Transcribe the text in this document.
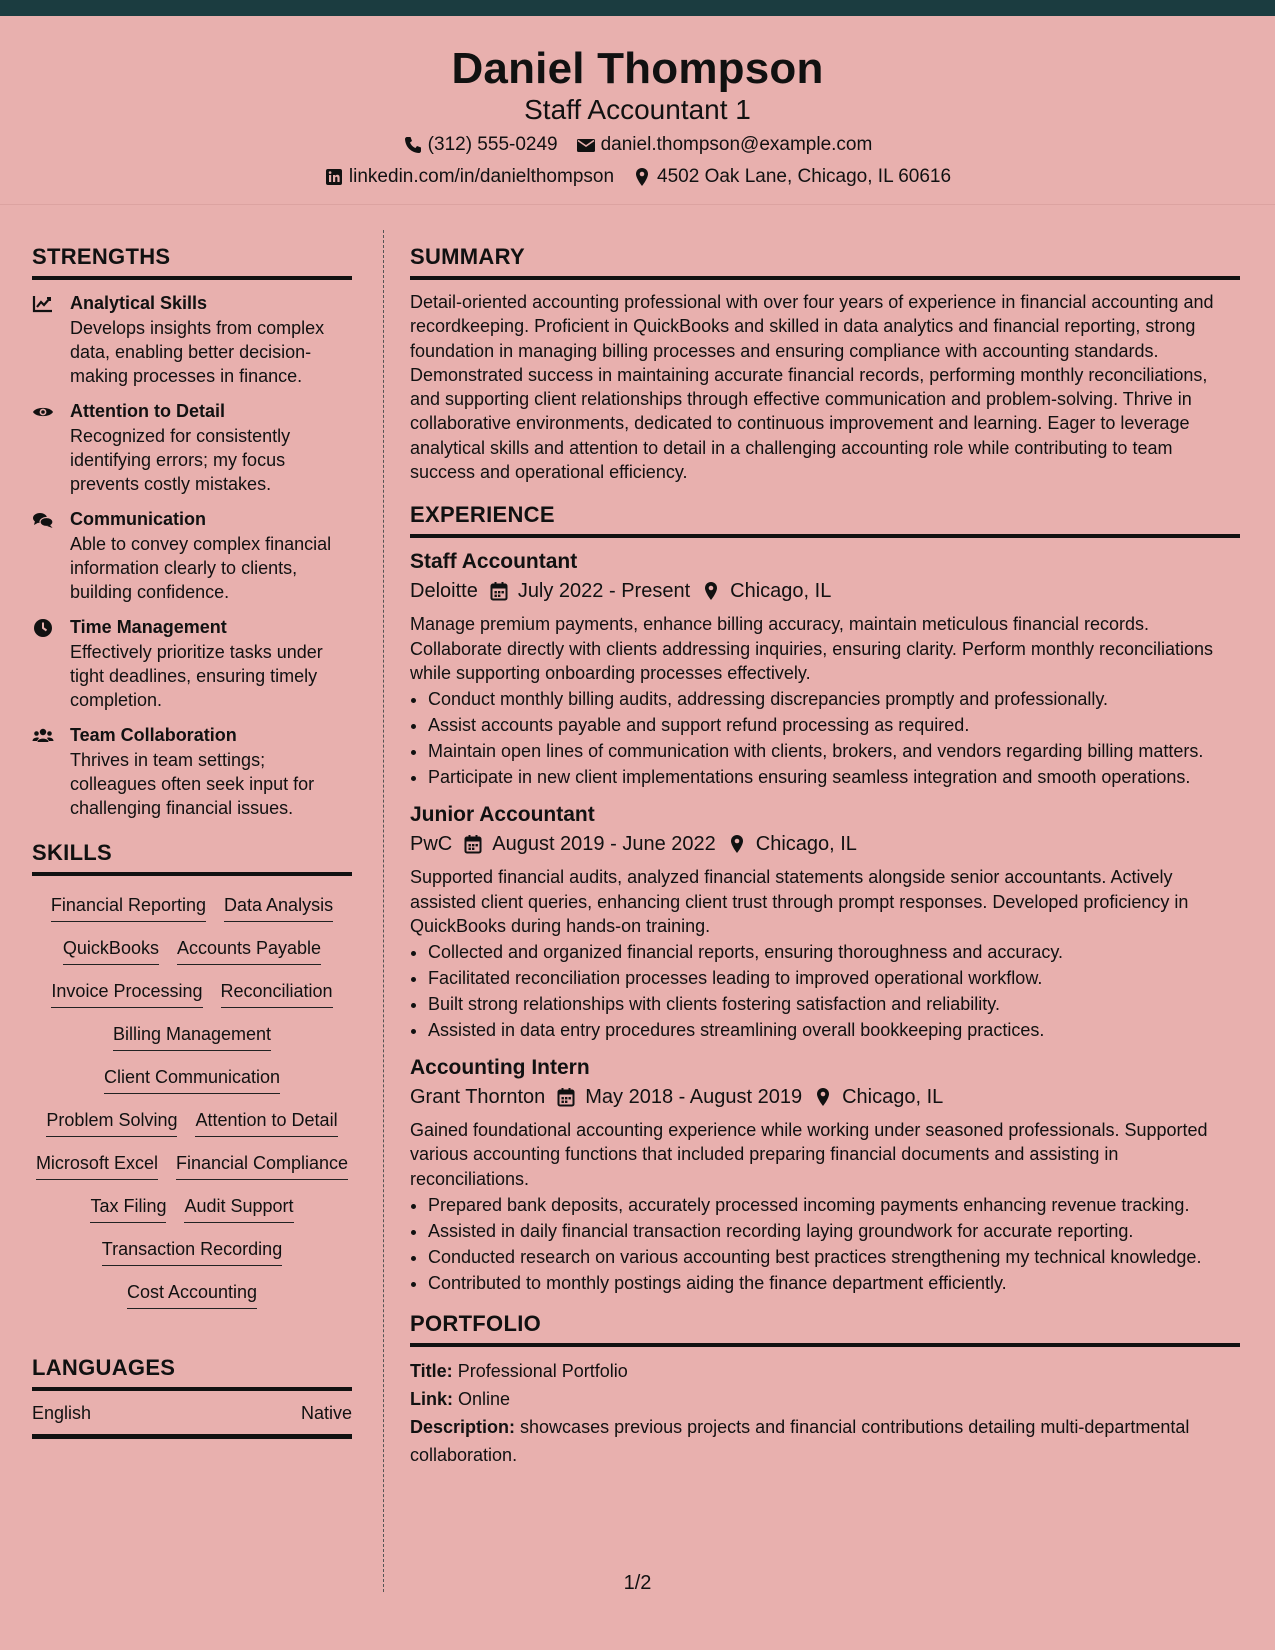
Daniel Thompson
Staff Accountant 1
(312) 555-0249 daniel.thompson@example.com
linkedin.com/in/danielthompson 4502 Oak Lane, Chicago, IL 60616
STRENGTHS
Analytical Skills
Develops insights from complex data, enabling better decision-making processes in finance.
Attention to Detail
Recognized for consistently identifying errors; my focus prevents costly mistakes.
Communication
Able to convey complex financial information clearly to clients, building confidence.
Time Management
Effectively prioritize tasks under tight deadlines, ensuring timely completion.
Team Collaboration
Thrives in team settings; colleagues often seek input for challenging financial issues.
SKILLS
Financial Reporting Data Analysis
QuickBooks Accounts Payable
Invoice Processing Reconciliation
Billing Management
Client Communication
Problem Solving Attention to Detail
Microsoft Excel Financial Compliance
Tax Filing Audit Support
Transaction Recording
Cost Accounting
LANGUAGES
English	Native
SUMMARY
Detail-oriented accounting professional with over four years of experience in financial accounting and recordkeeping. Proficient in QuickBooks and skilled in data analytics and financial reporting, strong foundation in managing billing processes and ensuring compliance with accounting standards. Demonstrated success in maintaining accurate financial records, performing monthly reconciliations, and supporting client relationships through effective communication and problem-solving. Thrive in collaborative environments, dedicated to continuous improvement and learning. Eager to leverage analytical skills and attention to detail in a challenging accounting role while contributing to team success and operational efficiency.
EXPERIENCE
Staff Accountant
Deloitte July 2022 - Present Chicago, IL
Manage premium payments, enhance billing accuracy, maintain meticulous financial records. Collaborate directly with clients addressing inquiries, ensuring clarity. Perform monthly reconciliations while supporting onboarding processes effectively.
• Conduct monthly billing audits, addressing discrepancies promptly and professionally.
• Assist accounts payable and support refund processing as required.
• Maintain open lines of communication with clients, brokers, and vendors regarding billing matters.
• Participate in new client implementations ensuring seamless integration and smooth operations.
Junior Accountant
PwC August 2019 - June 2022 Chicago, IL
Supported financial audits, analyzed financial statements alongside senior accountants. Actively assisted client queries, enhancing client trust through prompt responses. Developed proficiency in QuickBooks during hands-on training.
• Collected and organized financial reports, ensuring thoroughness and accuracy.
• Facilitated reconciliation processes leading to improved operational workflow.
• Built strong relationships with clients fostering satisfaction and reliability.
• Assisted in data entry procedures streamlining overall bookkeeping practices.
Accounting Intern
Grant Thornton May 2018 - August 2019 Chicago, IL
Gained foundational accounting experience while working under seasoned professionals. Supported various accounting functions that included preparing financial documents and assisting in reconciliations.
• Prepared bank deposits, accurately processed incoming payments enhancing revenue tracking.
• Assisted in daily financial transaction recording laying groundwork for accurate reporting.
• Conducted research on various accounting best practices strengthening my technical knowledge.
• Contributed to monthly postings aiding the finance department efficiently.
PORTFOLIO
Title: Professional Portfolio
Link: Online
Description: showcases previous projects and financial contributions detailing multi-departmental collaboration.
1/2
